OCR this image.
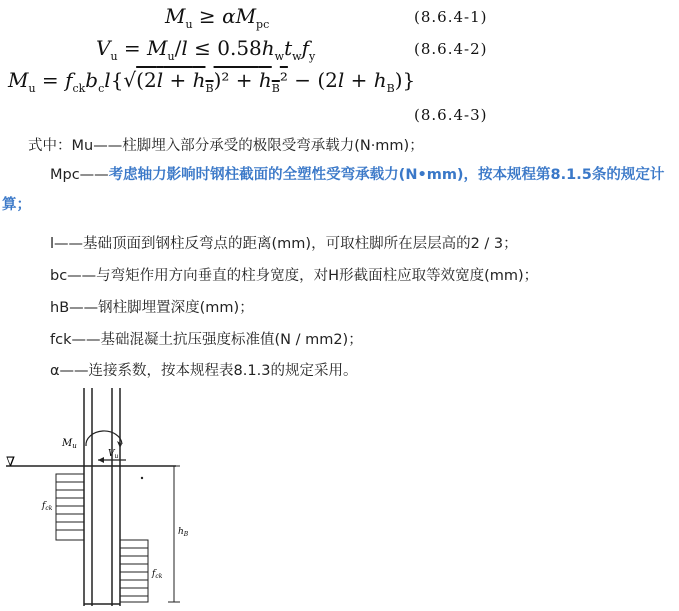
$M_u \ge \alpha M_{pc}$	(8.6.4-1)
$V_u = M_u/l \le 0.58h_wt_wf_y$	(8.6.4-2)
$M_u = f_{ck}b_cl\{√(2l + h_B)^2 + h_B^2 - (2l + h_B)\}$
(8.6.4-3)
式中：Mu——柱脚埋入部分承受的极限受弯承载力(N·mm)；
Mpc——考虑轴力影响时钢柱截面的全塑性受弯承载力(N•mm)，按本规程第8.1.5条的规定计算；
l——基础顶面到钢柱反弯点的距离(mm)，可取柱脚所在层层高的2 / 3；
bc——与弯矩作用方向垂直的柱身宽度，对H形截面柱应取等效宽度(mm)；
hB——钢柱脚埋置深度(mm)；
fck——基础混凝土抗压强度标准值(N / mm2)；
α——连接系数，按本规程表8.1.3的规定采用。
∇
$M_u$
$V_u$
$f_{ck}$
$f_{ck}$
$h_B$
